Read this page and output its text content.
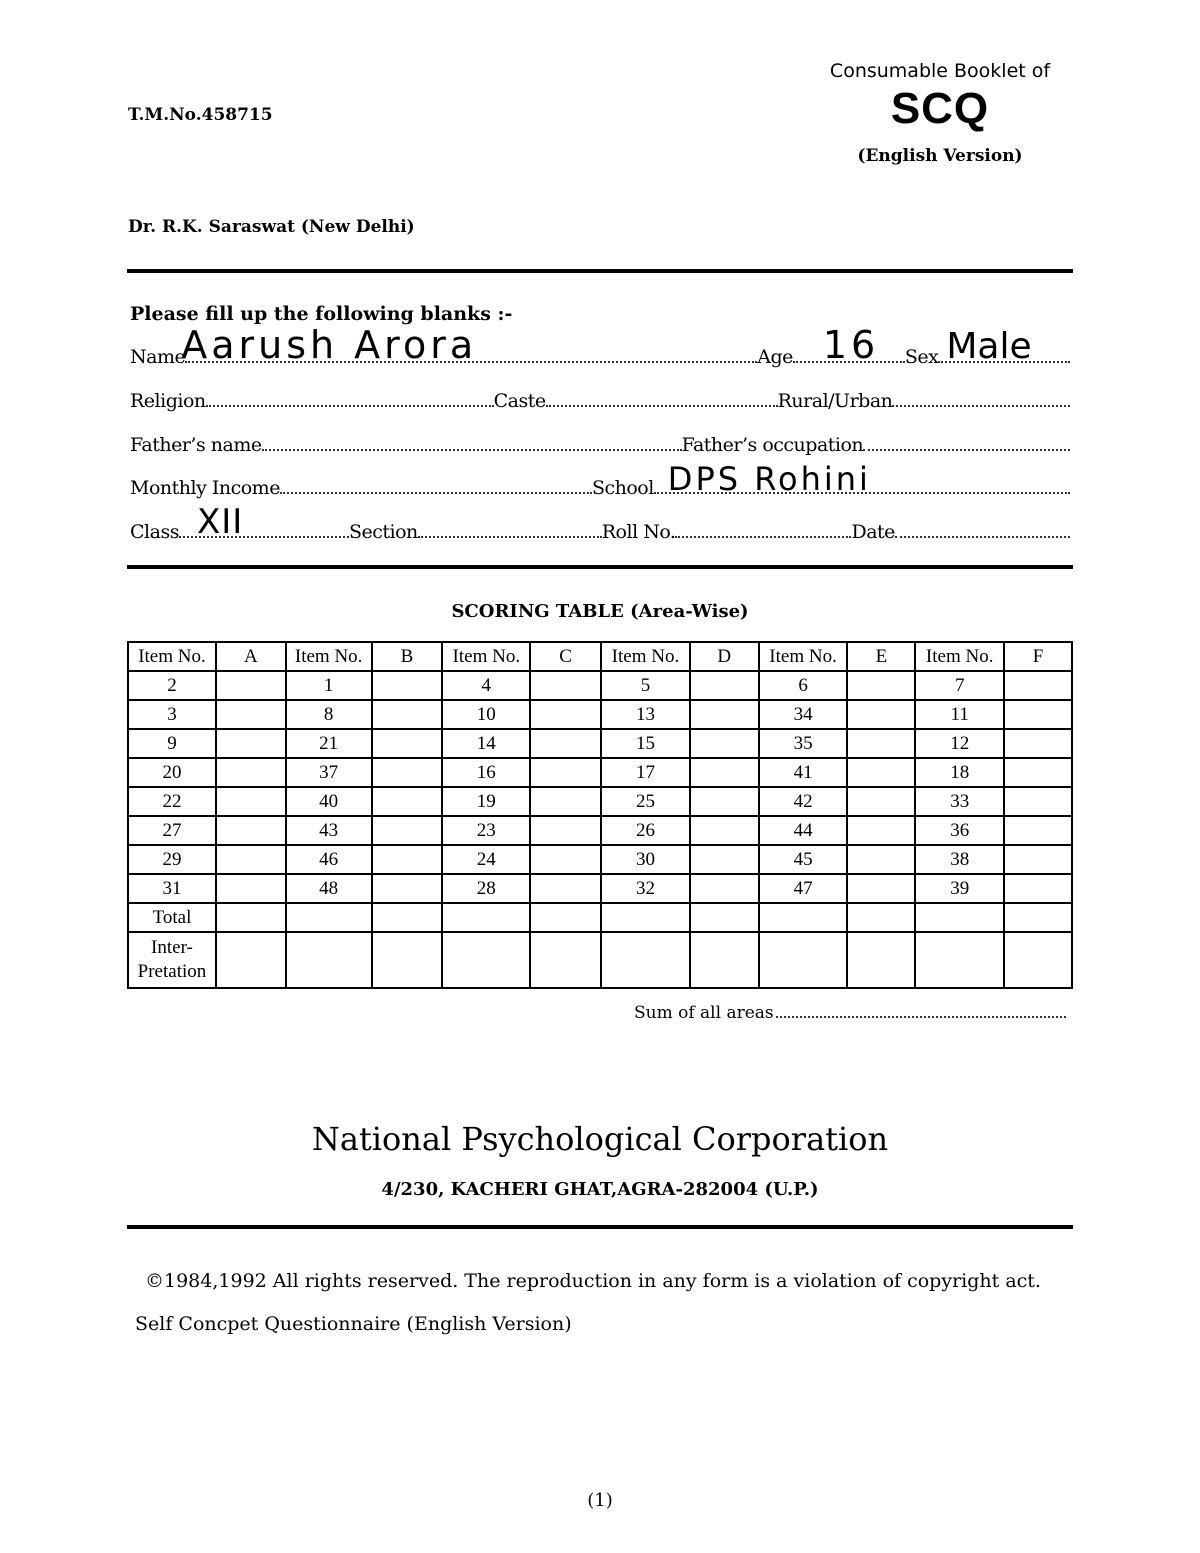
T.M.No.458715
Consumable Booklet of
SCQ
(English Version)
Dr. R.K. Saraswat (New Delhi)
Please fill up the following blanks :-
Name
Aarush Arora	Age 16 Sex Male
Religion	Caste	Rural/Urban
Father’s name	Father’s occupation
Monthly Income	School DPS Rohini
Class XII	Section	Roll No.	Date
SCORING TABLE (Area-Wise)
Item No.	A	Item No.	B	Item No.	C	Item No.	D	Item No.	E	Item No.	F
2		1		4		5		6		7	
3		8		10		13		34		11	
9		21		14		15		35		12	
20		37		16		17		41		18	
22		40		19		25		42		33	
27		43		23		26		44		36	
29		46		24		30		45		38	
31		48		28		32		47		39	
Total											

Inter-
Pretation											

Sum of all areas
National Psychological Corporation
4/230, KACHERI GHAT,AGRA-282004 (U.P.)
©1984,1992 All rights reserved. The reproduction in any form is a violation of copyright act. Self Concpet Questionnaire (English Version)
(1)
